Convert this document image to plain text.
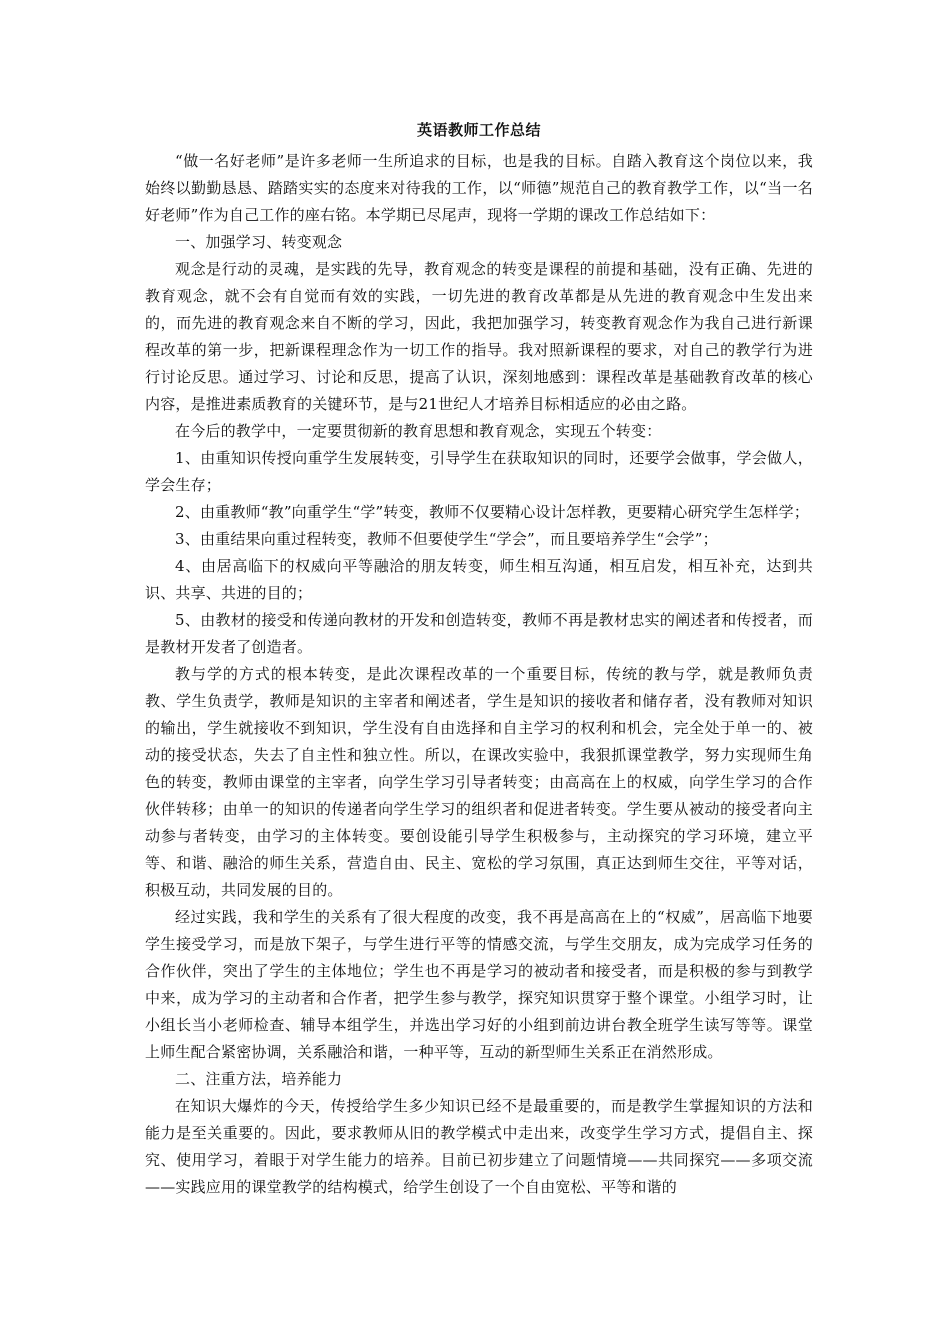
英语教师工作总结

“做一名好老师”是许多老师一生所追求的目标，也是我的目标。自踏入教育这个岗位以来，我始终以勤勤恳恳、踏踏实实的态度来对待我的工作，以“师德”规范自己的教育教学工作，以“当一名好老师”作为自己工作的座右铭。本学期已尽尾声，现将一学期的课改工作总结如下：

一、加强学习、转变观念

观念是行动的灵魂，是实践的先导，教育观念的转变是课程的前提和基础，没有正确、先进的教育观念，就不会有自觉而有效的实践，一切先进的教育改革都是从先进的教育观念中生发出来的，而先进的教育观念来自不断的学习，因此，我把加强学习，转变教育观念作为我自己进行新课程改革的第一步，把新课程理念作为一切工作的指导。我对照新课程的要求，对自己的教学行为进行讨论反思。通过学习、讨论和反思，提高了认识，深刻地感到：课程改革是基础教育改革的核心内容，是推进素质教育的关键环节，是与21世纪人才培养目标相适应的必由之路。

在今后的教学中，一定要贯彻新的教育思想和教育观念，实现五个转变：

1、由重知识传授向重学生发展转变，引导学生在获取知识的同时，还要学会做事，学会做人，学会生存；

2、由重教师“教”向重学生“学”转变，教师不仅要精心设计怎样教，更要精心研究学生怎样学；

3、由重结果向重过程转变，教师不但要使学生“学会”，而且要培养学生“会学”；

4、由居高临下的权威向平等融洽的朋友转变，师生相互沟通，相互启发，相互补充，达到共识、共享、共进的目的；

5、由教材的接受和传递向教材的开发和创造转变，教师不再是教材忠实的阐述者和传授者，而是教材开发者了创造者。

教与学的方式的根本转变，是此次课程改革的一个重要目标，传统的教与学，就是教师负责教、学生负责学，教师是知识的主宰者和阐述者，学生是知识的接收者和储存者，没有教师对知识的输出，学生就接收不到知识，学生没有自由选择和自主学习的权利和机会，完全处于单一的、被动的接受状态，失去了自主性和独立性。所以，在课改实验中，我狠抓课堂教学，努力实现师生角色的转变，教师由课堂的主宰者，向学生学习引导者转变；由高高在上的权威，向学生学习的合作伙伴转移；由单一的知识的传递者向学生学习的组织者和促进者转变。学生要从被动的接受者向主动参与者转变，由学习的主体转变。要创设能引导学生积极参与，主动探究的学习环境，建立平等、和谐、融洽的师生关系，营造自由、民主、宽松的学习氛围，真正达到师生交往，平等对话，积极互动，共同发展的目的。

经过实践，我和学生的关系有了很大程度的改变，我不再是高高在上的“权威”，居高临下地要学生接受学习，而是放下架子，与学生进行平等的情感交流，与学生交朋友，成为完成学习任务的合作伙伴，突出了学生的主体地位；学生也不再是学习的被动者和接受者，而是积极的参与到教学中来，成为学习的主动者和合作者，把学生参与教学，探究知识贯穿于整个课堂。小组学习时，让小组长当小老师检查、辅导本组学生，并选出学习好的小组到前边讲台教全班学生读写等等。课堂上师生配合紧密协调，关系融洽和谐，一种平等，互动的新型师生关系正在消然形成。

二、注重方法，培养能力

在知识大爆炸的今天，传授给学生多少知识已经不是最重要的，而是教学生掌握知识的方法和能力是至关重要的。因此，要求教师从旧的教学模式中走出来，改变学生学习方式，提倡自主、探究、使用学习，着眼于对学生能力的培养。目前已初步建立了问题情境——共同探究——多项交流——实践应用的课堂教学的结构模式，给学生创设了一个自由宽松、平等和谐的
